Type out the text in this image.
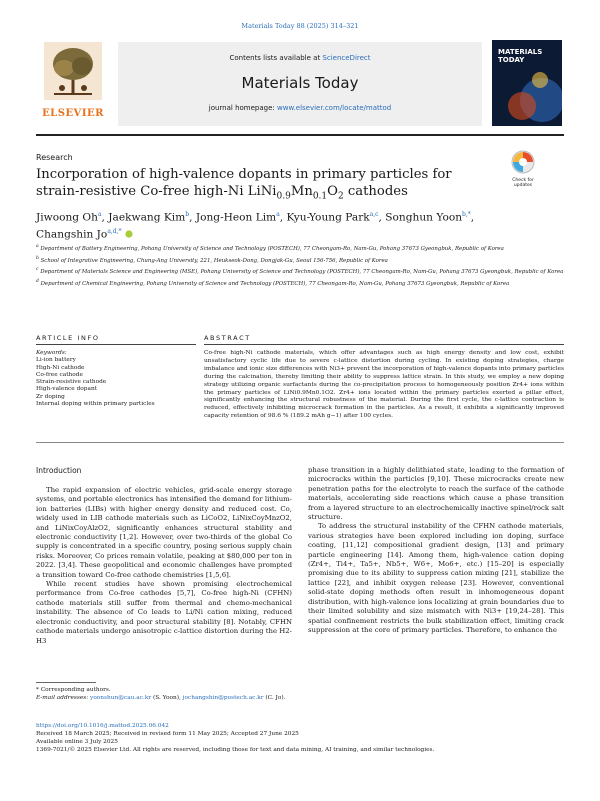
Materials Today 88 (2025) 314–321
ELSEVIER
Contents lists available at ScienceDirect
Materials Today
journal homepage: www.elsevier.com/locate/mattod
MATERIALS
TODAY
Research
Incorporation of high-valence dopants in primary particles for
strain-resistive Co-free high-Ni $LiNi_{0.9}Mn_{0.1}O_2$ cathodes
Check for
updates
Jiwoong Oh$^a$, Jaekwang Kim$^b$, Jong-Heon Lim$^a$, Kyu-Young Park$^{a,c}$, Songhun Yoon$^{b,*}$, Changshin $Jo^{a,d,*}$

$^a$ Department of Battery Engineering, Pohang University of Science and Technology (POSTECH), 77 Cheongam-Ro, Nam-Gu, Pohang 37673 Gyeongbuk, Republic of Korea

$^b$ School of Integrative Engineering, Chung-Ang University, 221, Heukseok-Dong, Dongjak-Gu, Seoul 156-756, Republic of Korea

$^c$ Department of Materials Science and Engineering (MSE), Pohang University of Science and Technology (POSTECH), 77 Cheongam-Ro, Nam-Gu, Pohang 37673 Gyeongbuk, Republic of Korea

$^d$ Department of Chemical Engineering, Pohang University of Science and Technology (POSTECH), 77 Cheongam-Ro, Nam-Gu, Pohang 37673 Gyeongbuk, Republic of Korea

ARTICLE INFO	ABSTRACT
Keywords:
Li-ion battery
High-Ni cathode
Co-free cathode
Strain-resistive cathode
High-valence dopant
Zr doping
Internal doping within primary particles
Co-free high-Ni cathode materials, which offer advantages such as high energy density and low cost, exhibit unsatisfactory cyclic life due to severe c-lattice distortion during cycling. In existing doping strategies, charge imbalance and ionic size differences with Ni3+ prevent the incorporation of high-valence dopants into primary particles during the calcination, thereby limiting their ability to suppress lattice strain. In this study, we employ a new doping strategy utilizing organic surfactants during the co-precipitation process to homogeneously position Zr4+ ions within the primary particles of LiNi0.9Mn0.1O2. Zr4+ ions located within the primary particles exerted a pillar effect, significantly enhancing the structural robustness of the material. During the first cycle, the c-lattice contraction is reduced, effectively inhibiting microcrack formation in the particles. As a result, it exhibits a significantly improved capacity retention of 98.6 % (189.2 mAh g−1) after 100 cycles.
Introduction

The rapid expansion of electric vehicles, grid-scale energy storage systems, and portable electronics has intensified the demand for lithium-ion batteries (LIBs) with higher energy density and reduced cost. Co, widely used in LIB cathode materials such as LiCoO2, LiNixCoyMnzO2, and LiNixCoyAlzO2, significantly enhances structural stability and electronic conductivity [1,2]. However, over two-thirds of the global Co supply is concentrated in a specific country, posing serious supply chain risks. Moreover, Co prices remain volatile, peaking at $80,000 per ton in 2022. [3,4]. These geopolitical and economic challenges have prompted a transition toward Co-free cathode chemistries [1,5,6].

While recent studies have shown promising electrochemical performance from Co-free cathodes [5,7], Co-free high-Ni (CFHN) cathode materials still suffer from thermal and chemo-mechanical instability. The absence of Co leads to Li/Ni cation mixing, reduced electronic conductivity, and poor structural stability [8]. Notably, CFHN cathode materials undergo anisotropic c-lattice distortion during the H2-H3

phase transition in a highly delithiated state, leading to the formation of microcracks within the particles [9,10]. These microcracks create new penetration paths for the electrolyte to reach the surface of the cathode materials, accelerating side reactions which cause a phase transition from a layered structure to an electrochemically inactive spinel/rock salt structure.

To address the structural instability of the CFHN cathode materials, various strategies have been explored including ion doping, surface coating, [11,12] compositional gradient design, [13] and primary particle engineering [14]. Among them, high-valence cation doping (Zr4+, Ti4+, Ta5+, Nb5+, W6+, Mo6+, etc.) [15–20] is especially promising due to its ability to suppress cation mixing [21], stabilize the lattice [22], and inhibit oxygen release [23]. However, conventional solid-state doping methods often result in inhomogeneous dopant distribution, with high-valence ions localizing at grain boundaries due to their limited solubility and size mismatch with Ni3+ [19,24–28]. This spatial confinement restricts the bulk stabilization effect, limiting crack suppression at the core of primary particles. Therefore, to enhance the

* Corresponding authors.
E-mail addresses: yoonshun@cau.ac.kr (S. Yoon), jochangshin@postech.ac.kr (C. Jo).
https://doi.org/10.1016/j.mattod.2025.06.042
Received 18 March 2025; Received in revised form 11 May 2025; Accepted 27 June 2025
Available online 3 July 2025
1369-7021/© 2025 Elsevier Ltd. All rights are reserved, including those for text and data mining, AI training, and similar technologies.
